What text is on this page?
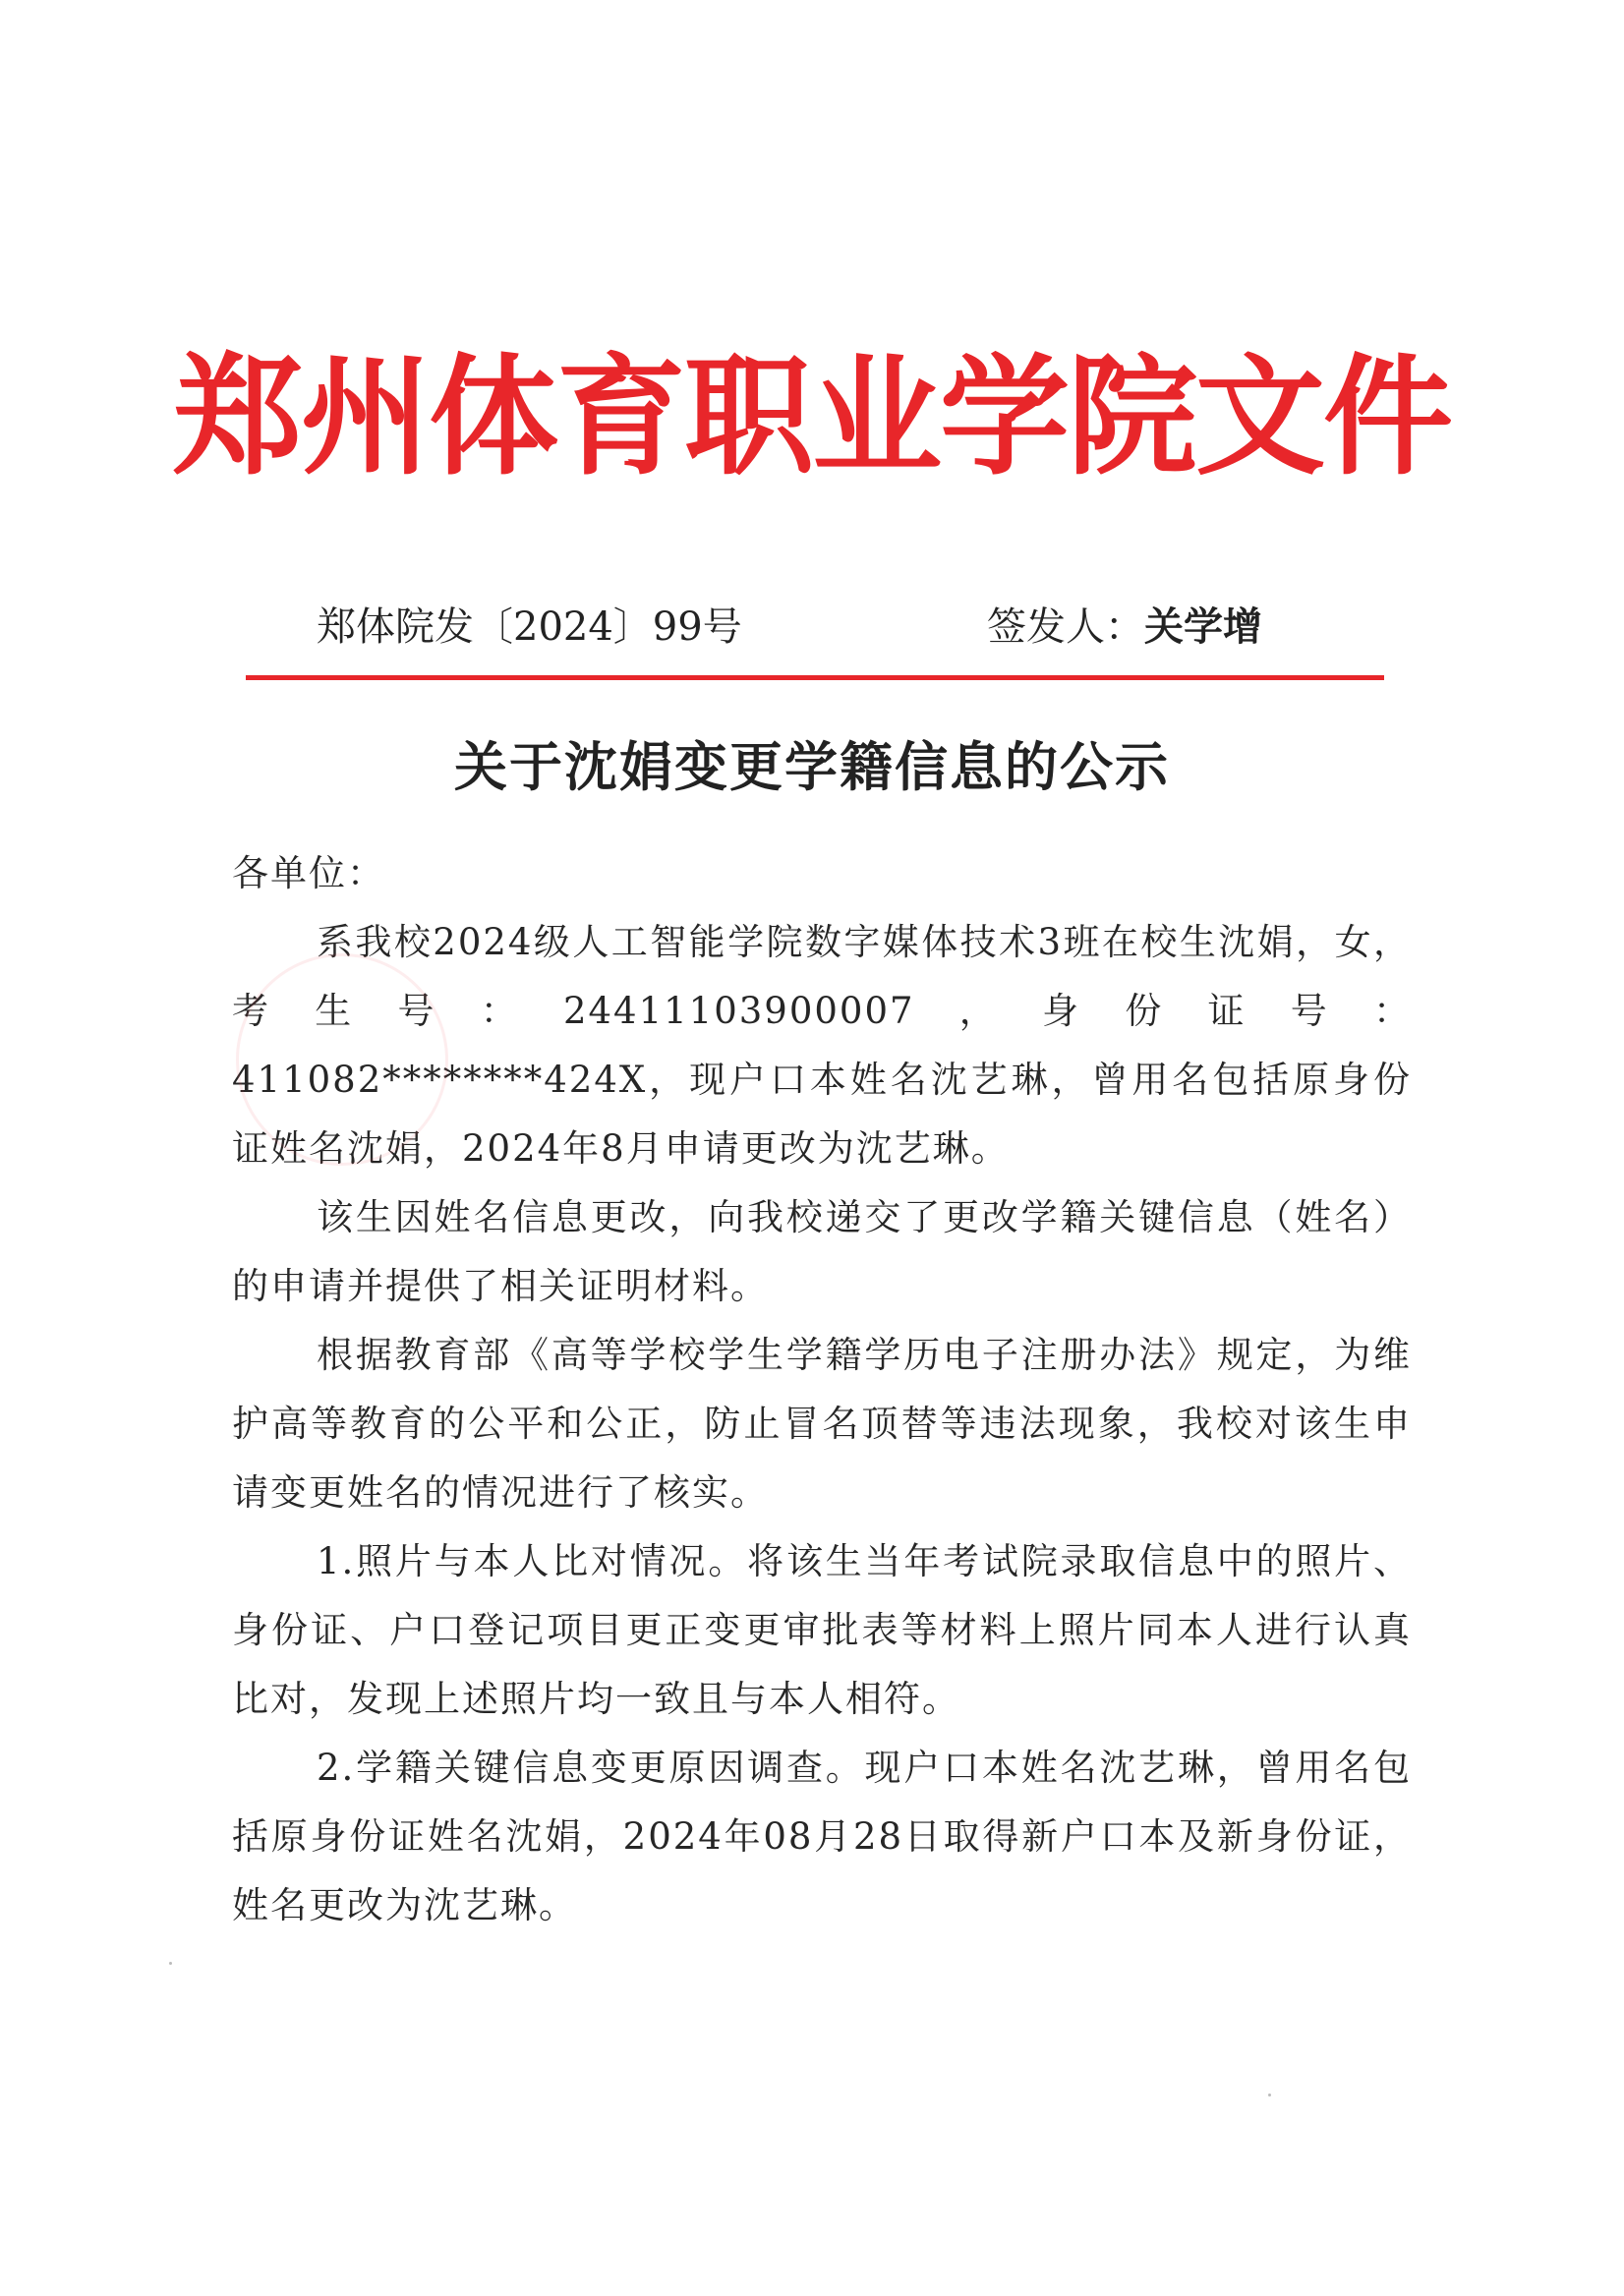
郑州体育职业学院文件
郑体院发〔2024〕99号	签发人：关学增
关于沈娟变更学籍信息的公示

各单位：

系我校2024级人工智能学院数字媒体技术3班在校生沈娟，女，考生号：24411103900007，身份证号：411082********424X，现户口本姓名沈艺琳，曾用名包括原身份证姓名沈娟，2024年8月申请更改为沈艺琳。

该生因姓名信息更改，向我校递交了更改学籍关键信息（姓名）的申请并提供了相关证明材料。

根据教育部《高等学校学生学籍学历电子注册办法》规定，为维护高等教育的公平和公正，防止冒名顶替等违法现象，我校对该生申请变更姓名的情况进行了核实。

1.照片与本人比对情况。将该生当年考试院录取信息中的照片、身份证、户口登记项目更正变更审批表等材料上照片同本人进行认真比对，发现上述照片均一致且与本人相符。

2.学籍关键信息变更原因调查。现户口本姓名沈艺琳，曾用名包括原身份证姓名沈娟，2024年08月28日取得新户口本及新身份证，姓名更改为沈艺琳。
